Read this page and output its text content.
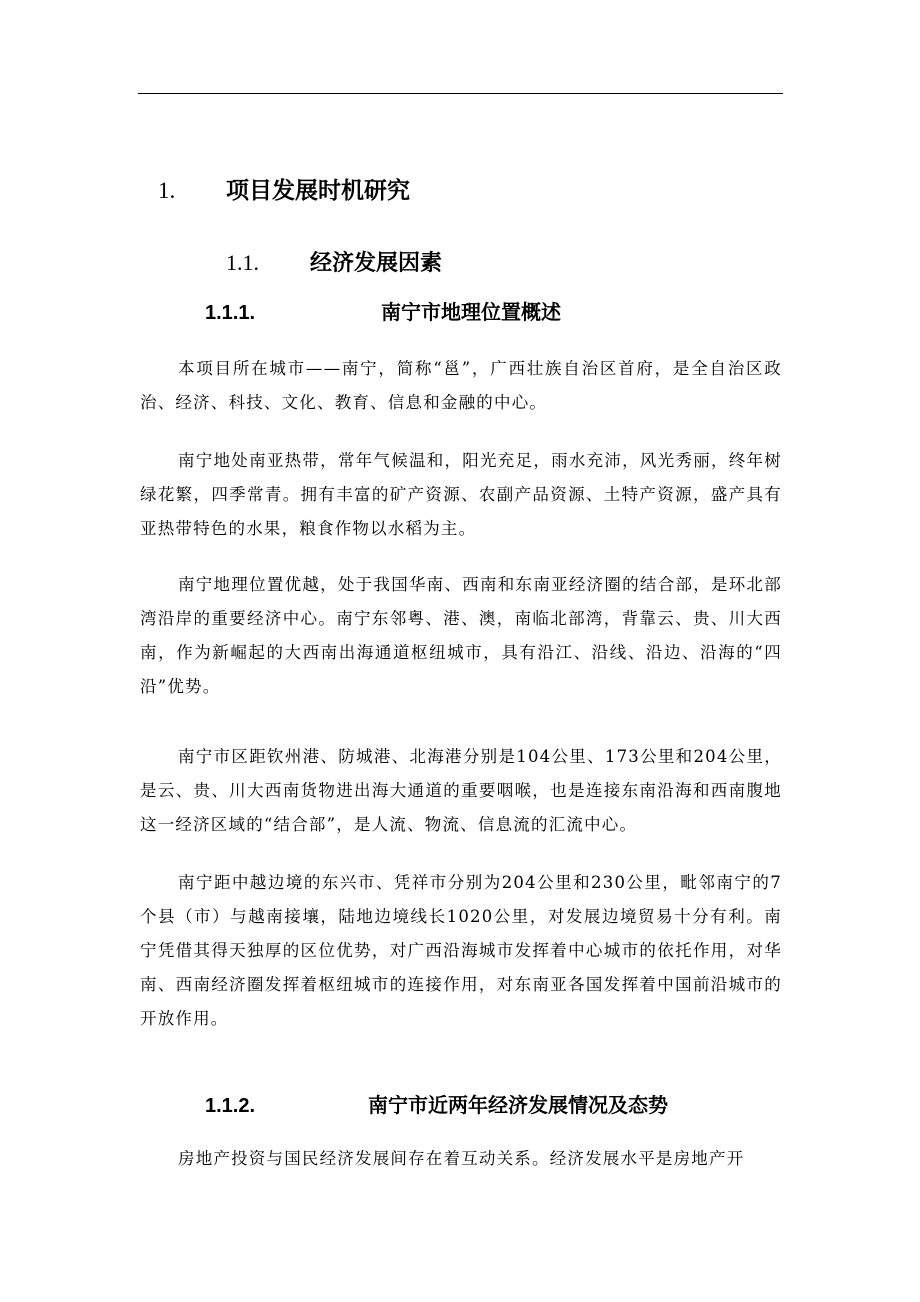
1. 项目发展时机研究
1.1. 经济发展因素
1.1.1.	南宁市地理位置概述

本项目所在城市——南宁，简称“邕”，广西壮族自治区首府，是全自治区政治、经济、科技、文化、教育、信息和金融的中心。

南宁地处南亚热带，常年气候温和，阳光充足，雨水充沛，风光秀丽，终年树绿花繁，四季常青。拥有丰富的矿产资源、农副产品资源、土特产资源，盛产具有亚热带特色的水果，粮食作物以水稻为主。

南宁地理位置优越，处于我国华南、西南和东南亚经济圈的结合部，是环北部湾沿岸的重要经济中心。南宁东邻粤、港、澳，南临北部湾，背靠云、贵、川大西南，作为新崛起的大西南出海通道枢纽城市，具有沿江、沿线、沿边、沿海的“四沿”优势。

南宁市区距钦州港、防城港、北海港分别是104公里、173公里和204公里，是云、贵、川大西南货物进出海大通道的重要咽喉，也是连接东南沿海和西南腹地这一经济区域的“结合部”，是人流、物流、信息流的汇流中心。

南宁距中越边境的东兴市、凭祥市分别为204公里和230公里，毗邻南宁的7个县（市）与越南接壤，陆地边境线长1020公里，对发展边境贸易十分有利。南宁凭借其得天独厚的区位优势，对广西沿海城市发挥着中心城市的依托作用，对华南、西南经济圈发挥着枢纽城市的连接作用，对东南亚各国发挥着中国前沿城市的开放作用。

1.1.2.	南宁市近两年经济发展情况及态势

房地产投资与国民经济发展间存在着互动关系。经济发展水平是房地产开
